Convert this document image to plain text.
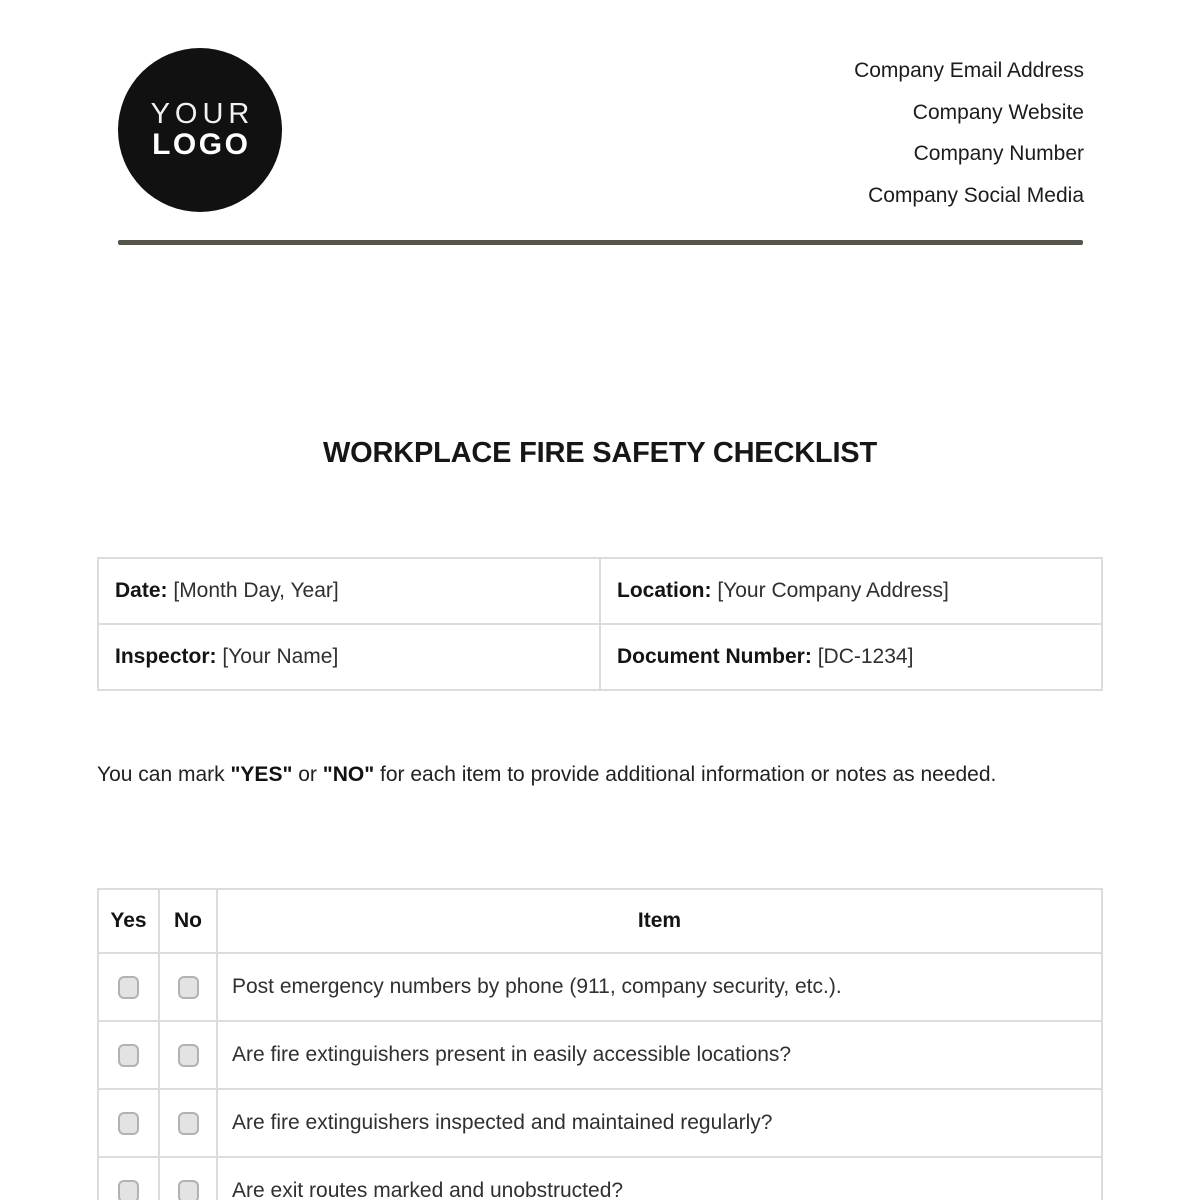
YOUR
LOGO
Company Email Address
Company Website
Company Number
Company Social Media
WORKPLACE FIRE SAFETY CHECKLIST
Date: [Month Day, Year]	Location: [Your Company Address]
Inspector: [Your Name]	Document Number: [DC-1234]

You can mark "YES" or "NO" for each item to provide additional information or notes as needed.

Yes	No	Item
		Post emergency numbers by phone (911, company security, etc.).
		Are fire extinguishers present in easily accessible locations?
		Are fire extinguishers inspected and maintained regularly?
		Are exit routes marked and unobstructed?
